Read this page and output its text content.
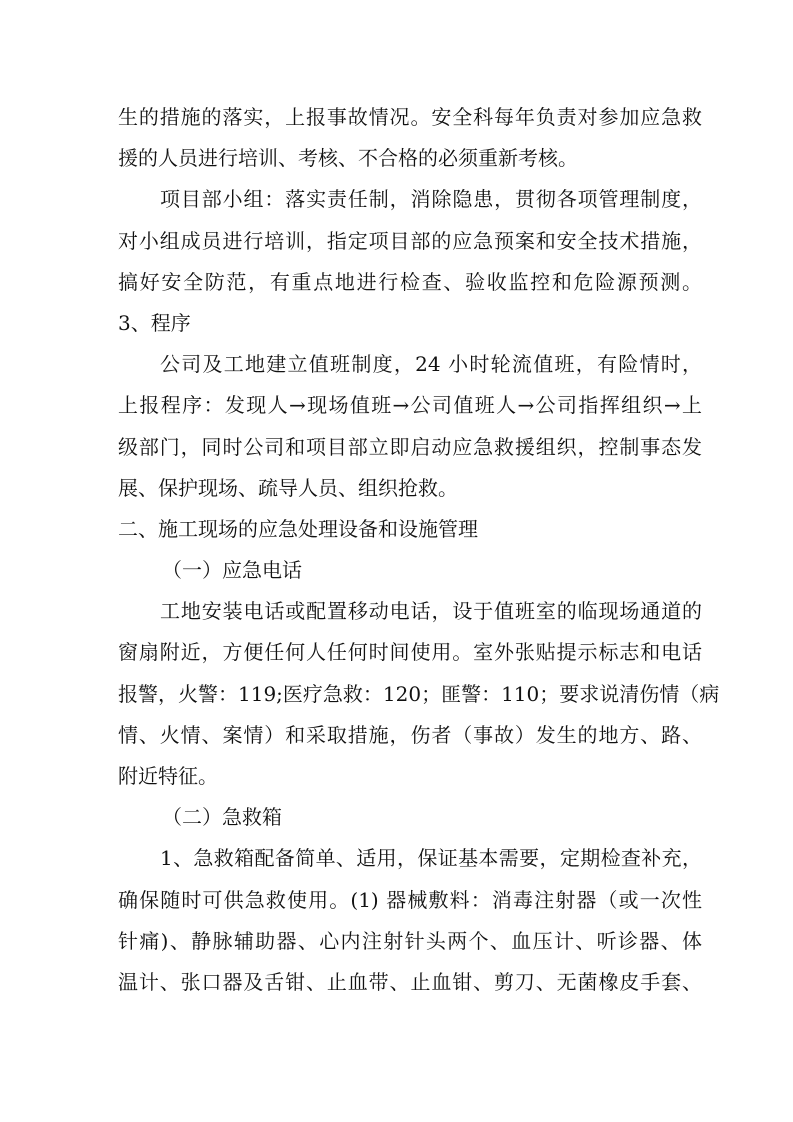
生的措施的落实，上报事故情况。安全科每年负责对参加应急救
援的人员进行培训、考核、不合格的必须重新考核。
项目部小组：落实责任制，消除隐患，贯彻各项管理制度，
对小组成员进行培训，指定项目部的应急预案和安全技术措施，
搞好安全防范，有重点地进行检查、验收监控和危险源预测。
3、程序
公司及工地建立值班制度，24 小时轮流值班，有险情时，
上报程序：发现人→现场值班→公司值班人→公司指挥组织→上
级部门，同时公司和项目部立即启动应急救援组织，控制事态发
展、保护现场、疏导人员、组织抢救。
二、施工现场的应急处理设备和设施管理
（一）应急电话
工地安装电话或配置移动电话，设于值班室的临现场通道的
窗扇附近，方便任何人任何时间使用。室外张贴提示标志和电话
报警，火警：119;医疗急救：120；匪警：110；要求说清伤情（病
情、火情、案情）和采取措施，伤者（事故）发生的地方、路、
附近特征。
（二）急救箱
1、急救箱配备简单、适用，保证基本需要，定期检查补充，
确保随时可供急救使用。(1) 器械敷料：消毒注射器（或一次性
针痛)、静脉辅助器、心内注射针头两个、血压计、听诊器、体
温计、张口器及舌钳、止血带、止血钳、剪刀、无菌橡皮手套、
